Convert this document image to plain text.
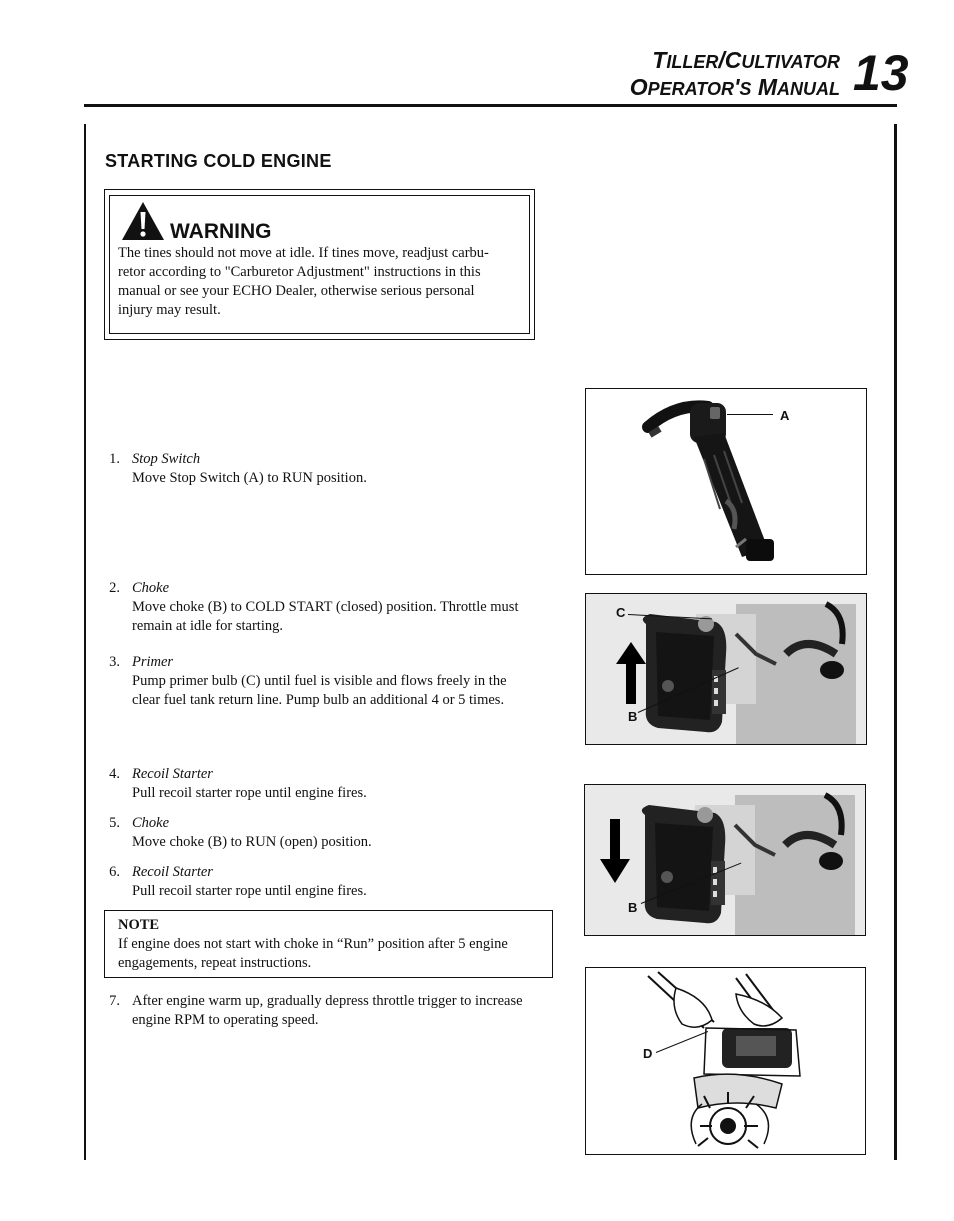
TILLER/CULTIVATOR
OPERATOR'S MANUAL 13
STARTING COLD ENGINE
WARNING
The tines should not move at idle. If tines move, readjust carbu-
retor according to "Carburetor Adjustment" instructions in this
manual or see your ECHO Dealer, otherwise serious personal
injury may result.
1. Stop Switch
Move Stop Switch (A) to RUN position.
2. Choke
Move choke (B) to COLD START (closed) position. Throttle must
remain at idle for starting.
3. Primer
Pump primer bulb (C) until fuel is visible and flows freely in the
clear fuel tank return line. Pump bulb an additional 4 or 5 times.
4. Recoil Starter
Pull recoil starter rope until engine fires.
5. Choke
Move choke (B) to RUN (open) position.
6. Recoil Starter
Pull recoil starter rope until engine fires.
NOTE
If engine does not start with choke in “Run” position after 5 engine
engagements, repeat instructions.
7. After engine warm up, gradually depress throttle trigger to increase
engine RPM to operating speed.
A
C
B
B
D
